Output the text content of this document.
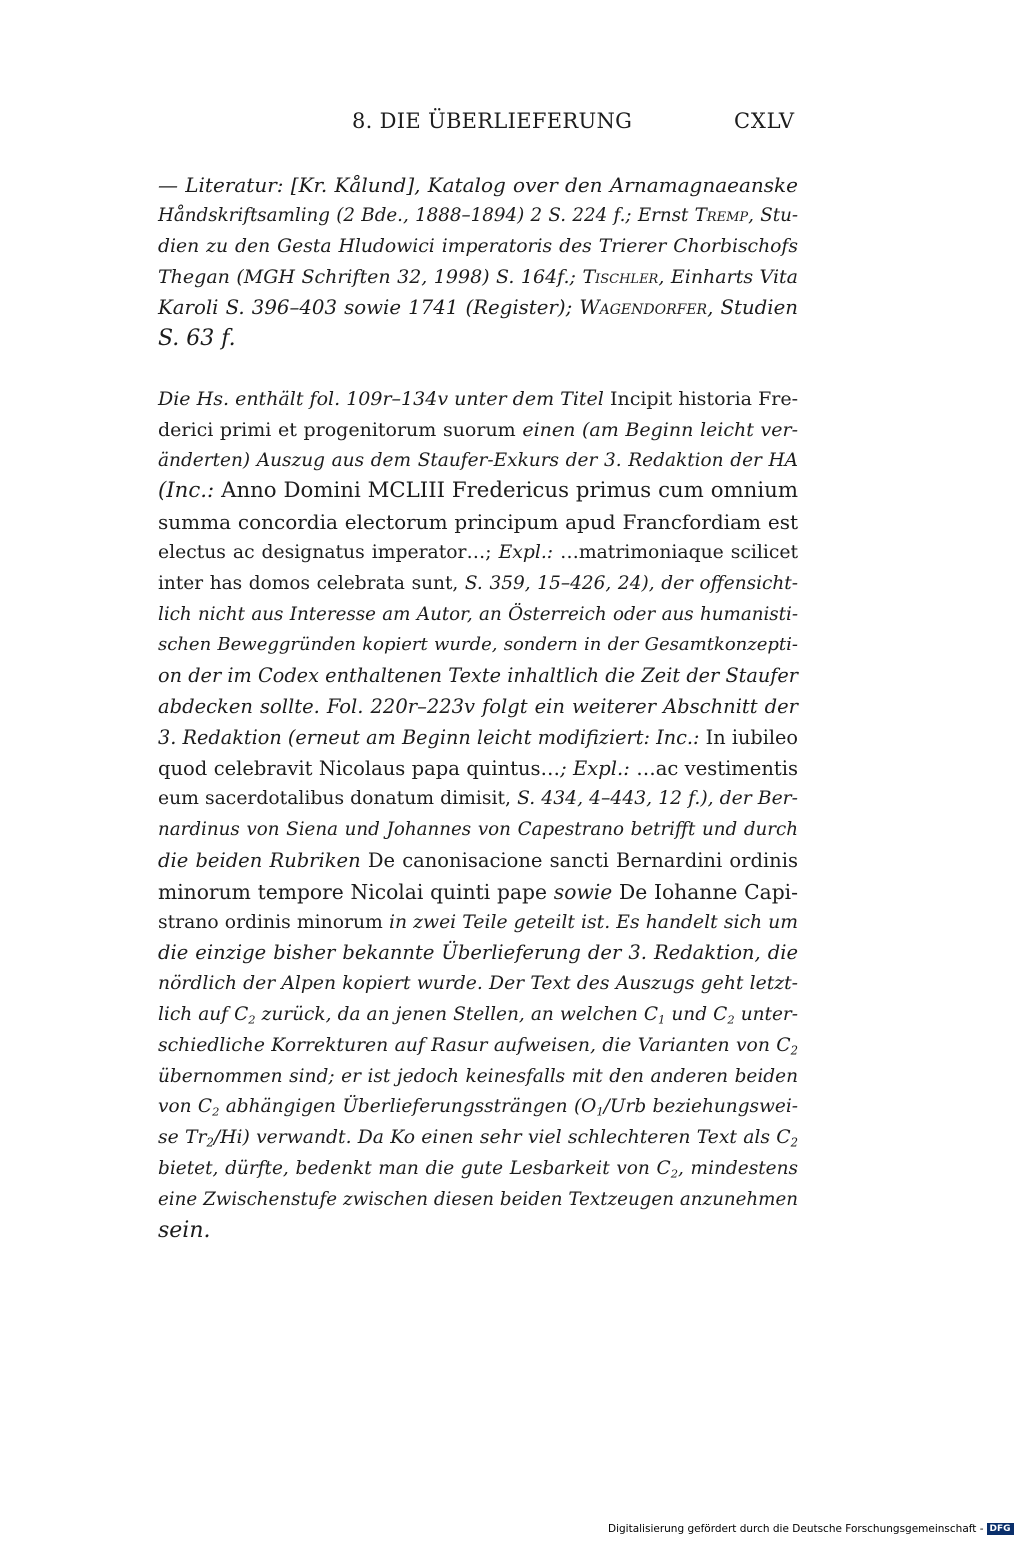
8. DIE ÜBERLIEFERUNG	CXLV
— Literatur: [Kr. Kålund], Katalog over den Arnamagnaeanske
Håndskriftsamling (2 Bde., 1888–1894) 2 S. 224 f.; Ernst Tremp, Stu-
dien zu den Gesta Hludowici imperatoris des Trierer Chorbischofs
Thegan (MGH Schriften 32, 1998) S. 164f.; Tischler, Einharts Vita
Karoli S. 396–403 sowie 1741 (Register); Wagendorfer, Studien
S. 63 f.
Die Hs. enthält fol. 109r–134v unter dem Titel Incipit historia Fre-
derici primi et progenitorum suorum einen (am Beginn leicht ver-
änderten) Auszug aus dem Staufer-Exkurs der 3. Redaktion der HA
(Inc.: Anno Domini MCLIII Fredericus primus cum omnium
summa concordia electorum principum apud Francfordiam est
electus ac designatus imperator…; Expl.: …matrimoniaque scilicet
inter has domos celebrata sunt, S. 359, 15–426, 24), der offensicht-
lich nicht aus Interesse am Autor, an Österreich oder aus humanisti-
schen Beweggründen kopiert wurde, sondern in der Gesamtkonzepti-
on der im Codex enthaltenen Texte inhaltlich die Zeit der Staufer
abdecken sollte. Fol. 220r–223v folgt ein weiterer Abschnitt der
3. Redaktion (erneut am Beginn leicht modifiziert: Inc.: In iubileo
quod celebravit Nicolaus papa quintus…; Expl.: …ac vestimentis
eum sacerdotalibus donatum dimisit, S. 434, 4–443, 12 f.), der Ber-
nardinus von Siena und Johannes von Capestrano betrifft und durch
die beiden Rubriken De canonisacione sancti Bernardini ordinis
minorum tempore Nicolai quinti pape sowie De Iohanne Capi-
strano ordinis minorum in zwei Teile geteilt ist. Es handelt sich um
die einzige bisher bekannte Überlieferung der 3. Redaktion, die
nördlich der Alpen kopiert wurde. Der Text des Auszugs geht letzt-
lich auf $C_2$ zurück, da an jenen Stellen, an welchen $C_1$ und $C_2$ unter-
schiedliche Korrekturen auf Rasur aufweisen, die Varianten von $C_2$
übernommen sind; er ist jedoch keinesfalls mit den anderen beiden
von $C_2$ abhängigen Überlieferungssträngen ($O_1$/Urb beziehungswei-
se $Tr_2/Hi$) verwandt. Da Ko einen sehr viel schlechteren Text als $C_2$
bietet, dürfte, bedenkt man die gute Lesbarkeit von $C_2$, mindestens
eine Zwischenstufe zwischen diesen beiden Textzeugen anzunehmen
sein.
Digitalisierung gefördert durch die Deutsche Forschungsgemeinschaft - DFG
